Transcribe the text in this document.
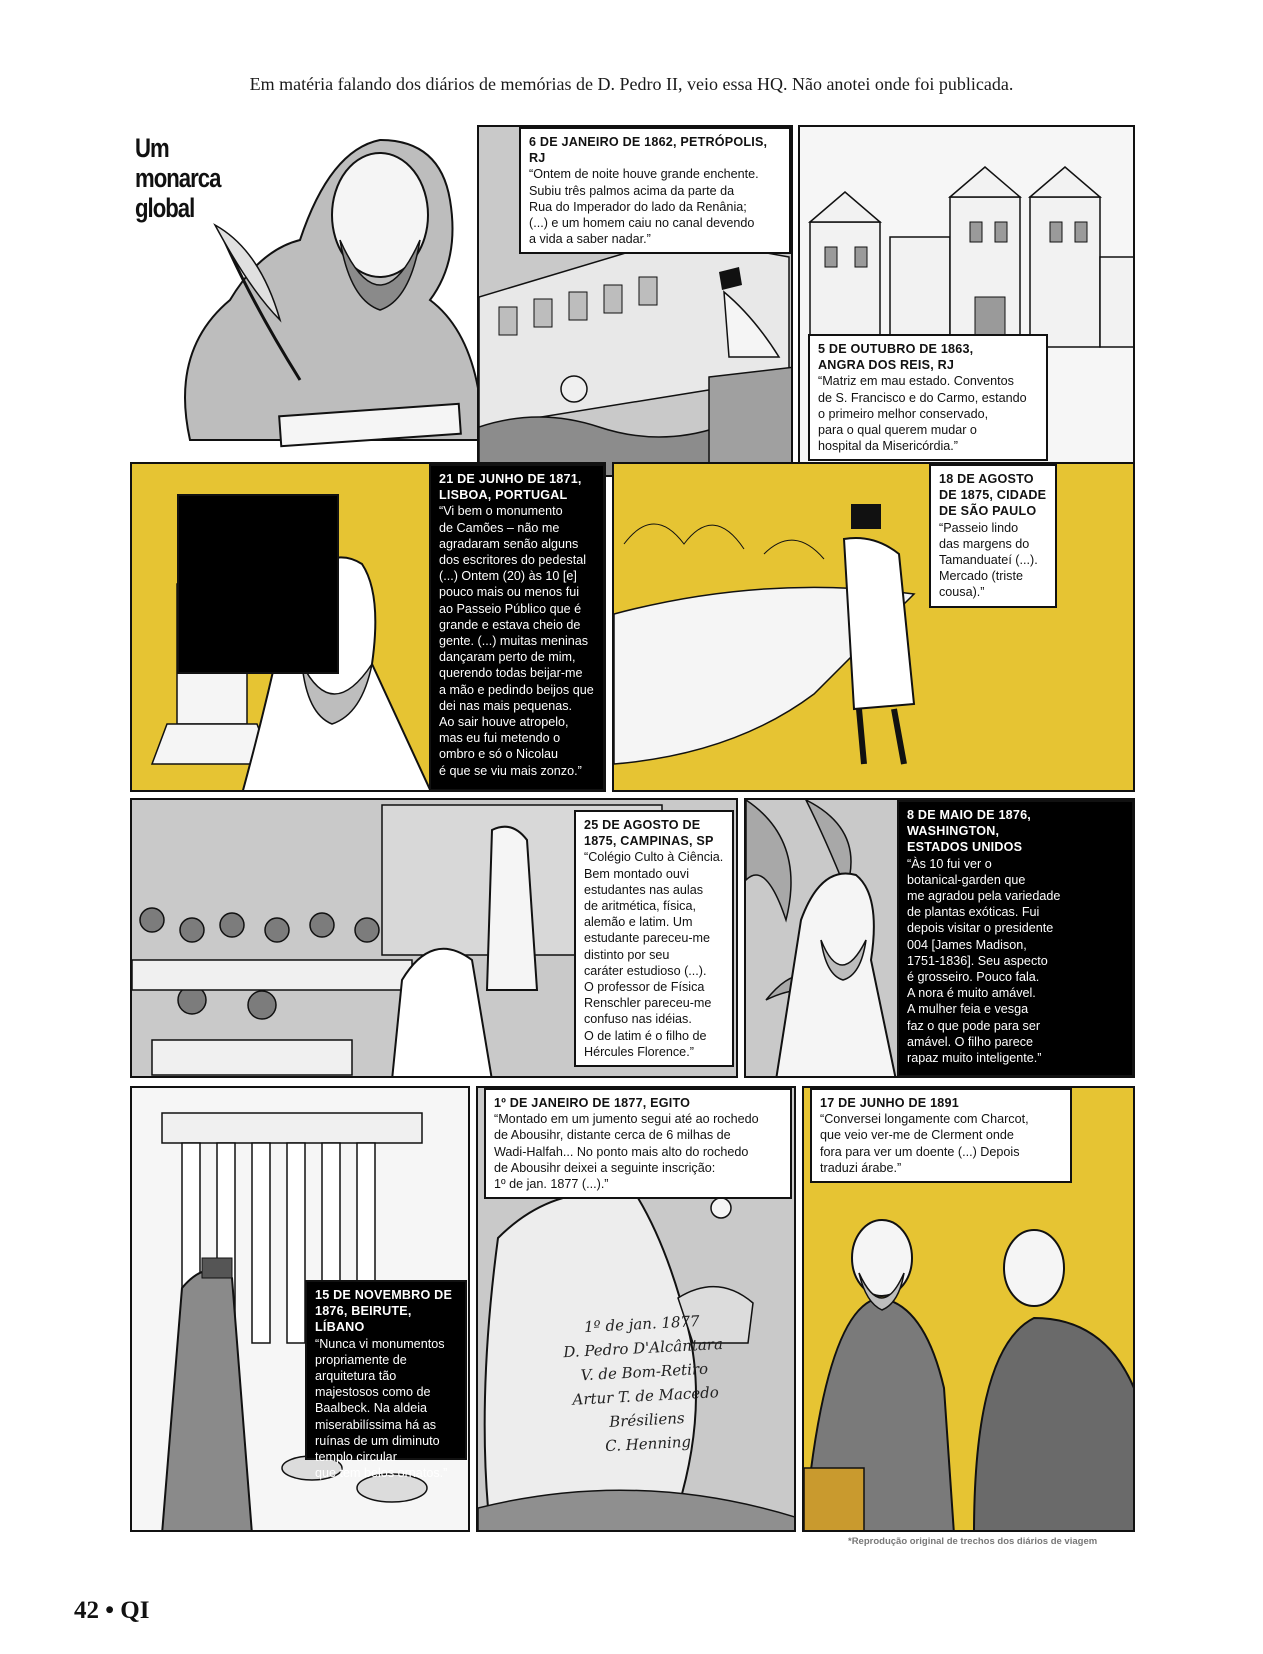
Em matéria falando dos diários de memórias de D. Pedro II, veio essa HQ. Não anotei onde foi publicada.
Um monarca global
6 DE JANEIRO DE 1862, PETRÓPOLIS, RJ
“Ontem de noite houve grande enchente.
Subiu três palmos acima da parte da
Rua do Imperador do lado da Renânia;
(...) e um homem caiu no canal devendo
a vida a saber nadar.”
5 DE OUTUBRO DE 1863,
ANGRA DOS REIS, RJ
“Matriz em mau estado. Conventos
de S. Francisco e do Carmo, estando
o primeiro melhor conservado,
para o qual querem mudar o
hospital da Misericórdia.”
21 DE JUNHO DE 1871,
LISBOA, PORTUGAL
“Vi bem o monumento
de Camões – não me
agradaram senão alguns
dos escritores do pedestal
(...) Ontem (20) às 10 [e]
pouco mais ou menos fui
ao Passeio Público que é
grande e estava cheio de
gente. (...) muitas meninas
dançaram perto de mim,
querendo todas beijar-me
a mão e pedindo beijos que
dei nas mais pequenas.
Ao sair houve atropelo,
mas eu fui metendo o
ombro e só o Nicolau
é que se viu mais zonzo.”
18 DE AGOSTO
DE 1875, CIDADE
DE SÃO PAULO
“Passeio lindo
das margens do
Tamanduateí (...).
Mercado (triste
cousa).”
25 DE AGOSTO DE
1875, CAMPINAS, SP
“Colégio Culto à Ciência.
Bem montado ouvi
estudantes nas aulas
de aritmética, física,
alemão e latim. Um
estudante pareceu-me
distinto por seu
caráter estudioso (...).
O professor de Física
Renschler pareceu-me
confuso nas idéias.
O de latim é o filho de
Hércules Florence.”
8 DE MAIO DE 1876,
WASHINGTON,
ESTADOS UNIDOS
“Às 10 fui ver o
botanical-garden que
me agradou pela variedade
de plantas exóticas. Fui
depois visitar o presidente
004 [James Madison,
1751-1836]. Seu aspecto
é grosseiro. Pouco fala.
A nora é muito amável.
A mulher feia e vesga
faz o que pode para ser
amável. O filho parece
rapaz muito inteligente.”
15 DE NOVEMBRO DE
1876, BEIRUTE, LÍBANO
“Nunca vi monumentos
propriamente de
arquitetura tão
majestosos como de
Baalbeck. Na aldeia
miserabilíssima há as
ruínas de um diminuto
templo circular
que tem belos ornatos.”
1º DE JANEIRO DE 1877, EGITO
“Montado em um jumento segui até ao rochedo
de Abousihr, distante cerca de 6 milhas de
Wadi-Halfah... No ponto mais alto do rochedo
de Abousihr deixei a seguinte inscrição:
1º de jan. 1877 (...).”
1º de jan. 1877
D. Pedro D'Alcântara
V. de Bom-Retiro
Artur T. de Macedo
Brésiliens
C. Henning
17 DE JUNHO DE 1891
“Conversei longamente com Charcot,
que veio ver-me de Clerment onde
fora para ver um doente (...) Depois
traduzi árabe.”
*Reprodução original de trechos dos diários de viagem
42 • QI
